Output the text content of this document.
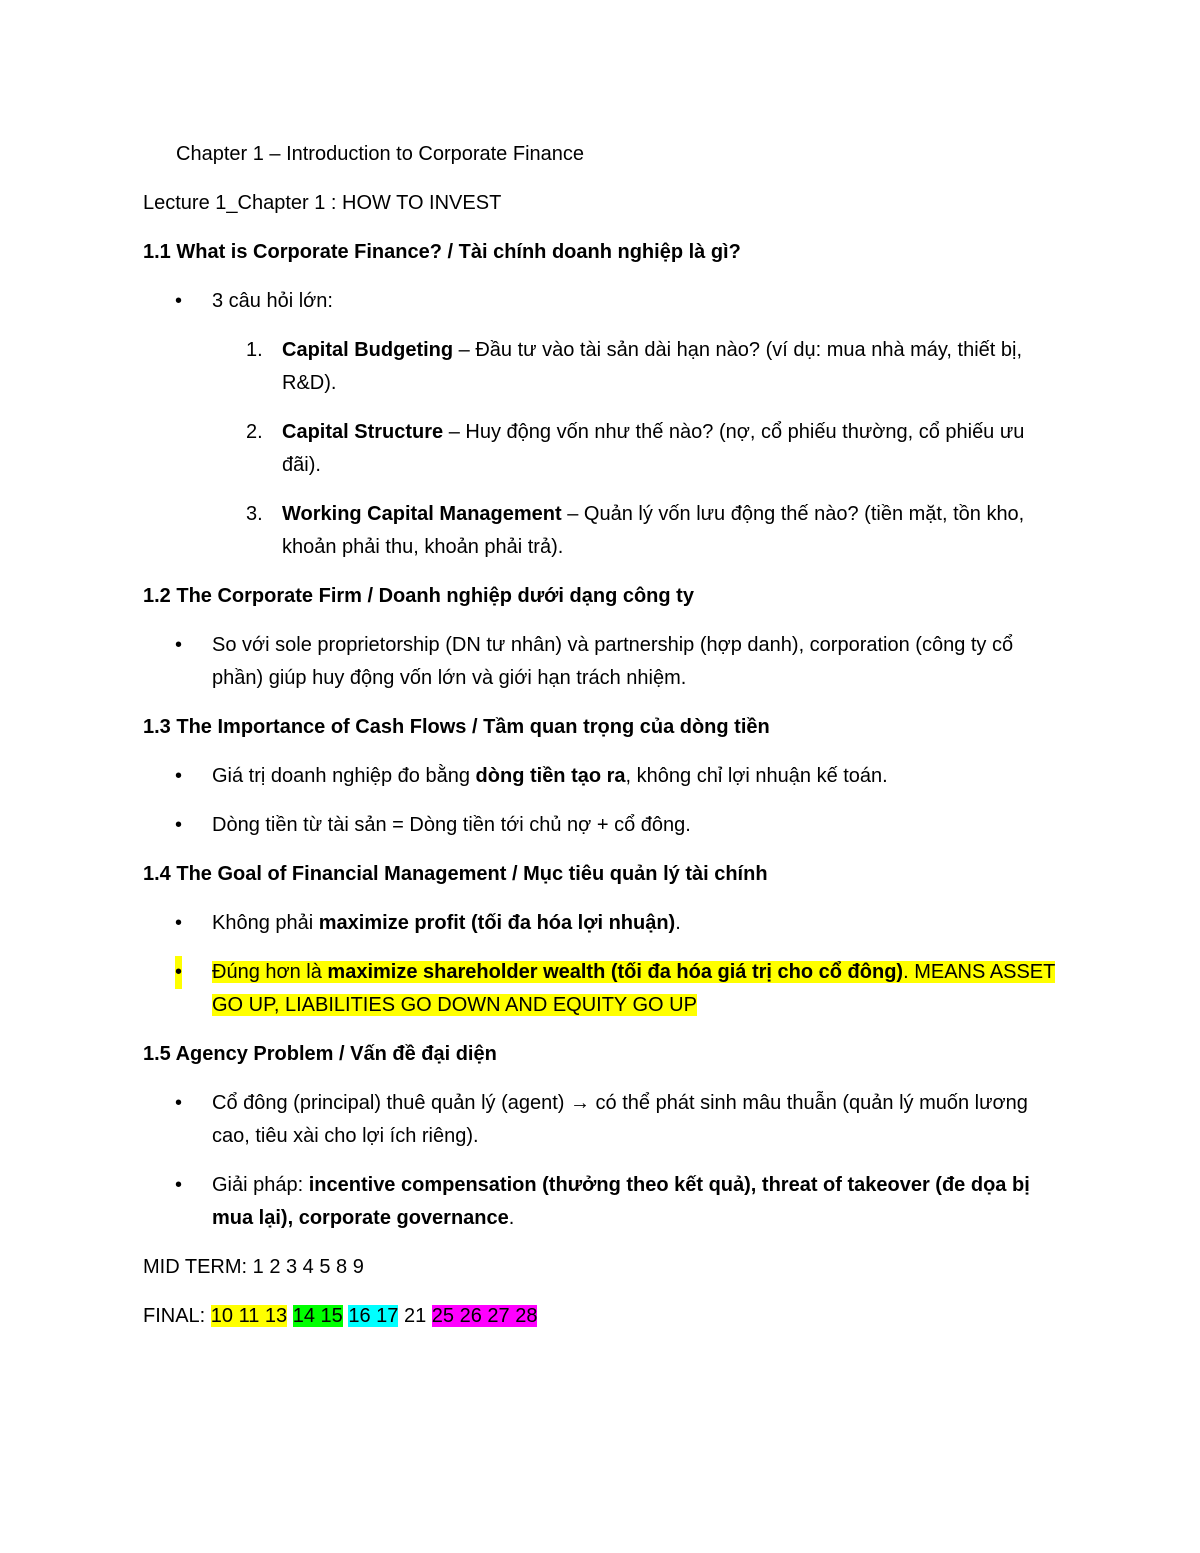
Chapter 1 – Introduction to Corporate Finance

Lecture 1_Chapter 1 : HOW TO INVEST

1.1 What is Corporate Finance? / Tài chính doanh nghiệp là gì?

• 3 câu hỏi lớn:
1. Capital Budgeting – Đầu tư vào tài sản dài hạn nào? (ví dụ: mua nhà máy, thiết bị, R&D).
2. Capital Structure – Huy động vốn như thế nào? (nợ, cổ phiếu thường, cổ phiếu ưu đãi).
3. Working Capital Management – Quản lý vốn lưu động thế nào? (tiền mặt, tồn kho, khoản phải thu, khoản phải trả).

1.2 The Corporate Firm / Doanh nghiệp dưới dạng công ty

• So với sole proprietorship (DN tư nhân) và partnership (hợp danh), corporation (công ty cổ phần) giúp huy động vốn lớn và giới hạn trách nhiệm.

1.3 The Importance of Cash Flows / Tầm quan trọng của dòng tiền

• Giá trị doanh nghiệp đo bằng dòng tiền tạo ra, không chỉ lợi nhuận kế toán.
• Dòng tiền từ tài sản = Dòng tiền tới chủ nợ + cổ đông.

1.4 The Goal of Financial Management / Mục tiêu quản lý tài chính

• Không phải maximize profit (tối đa hóa lợi nhuận).
• Đúng hơn là maximize shareholder wealth (tối đa hóa giá trị cho cổ đông). MEANS ASSET GO UP, LIABILITIES GO DOWN AND EQUITY GO UP

1.5 Agency Problem / Vấn đề đại diện

• Cổ đông (principal) thuê quản lý (agent) → có thể phát sinh mâu thuẫn (quản lý muốn lương cao, tiêu xài cho lợi ích riêng).
• Giải pháp: incentive compensation (thưởng theo kết quả), threat of takeover (đe dọa bị mua lại), corporate governance.

MID TERM: 1 2 3 4 5 8 9

FINAL: 10 11 13 14 15 16 17 21 25 26 27 28
